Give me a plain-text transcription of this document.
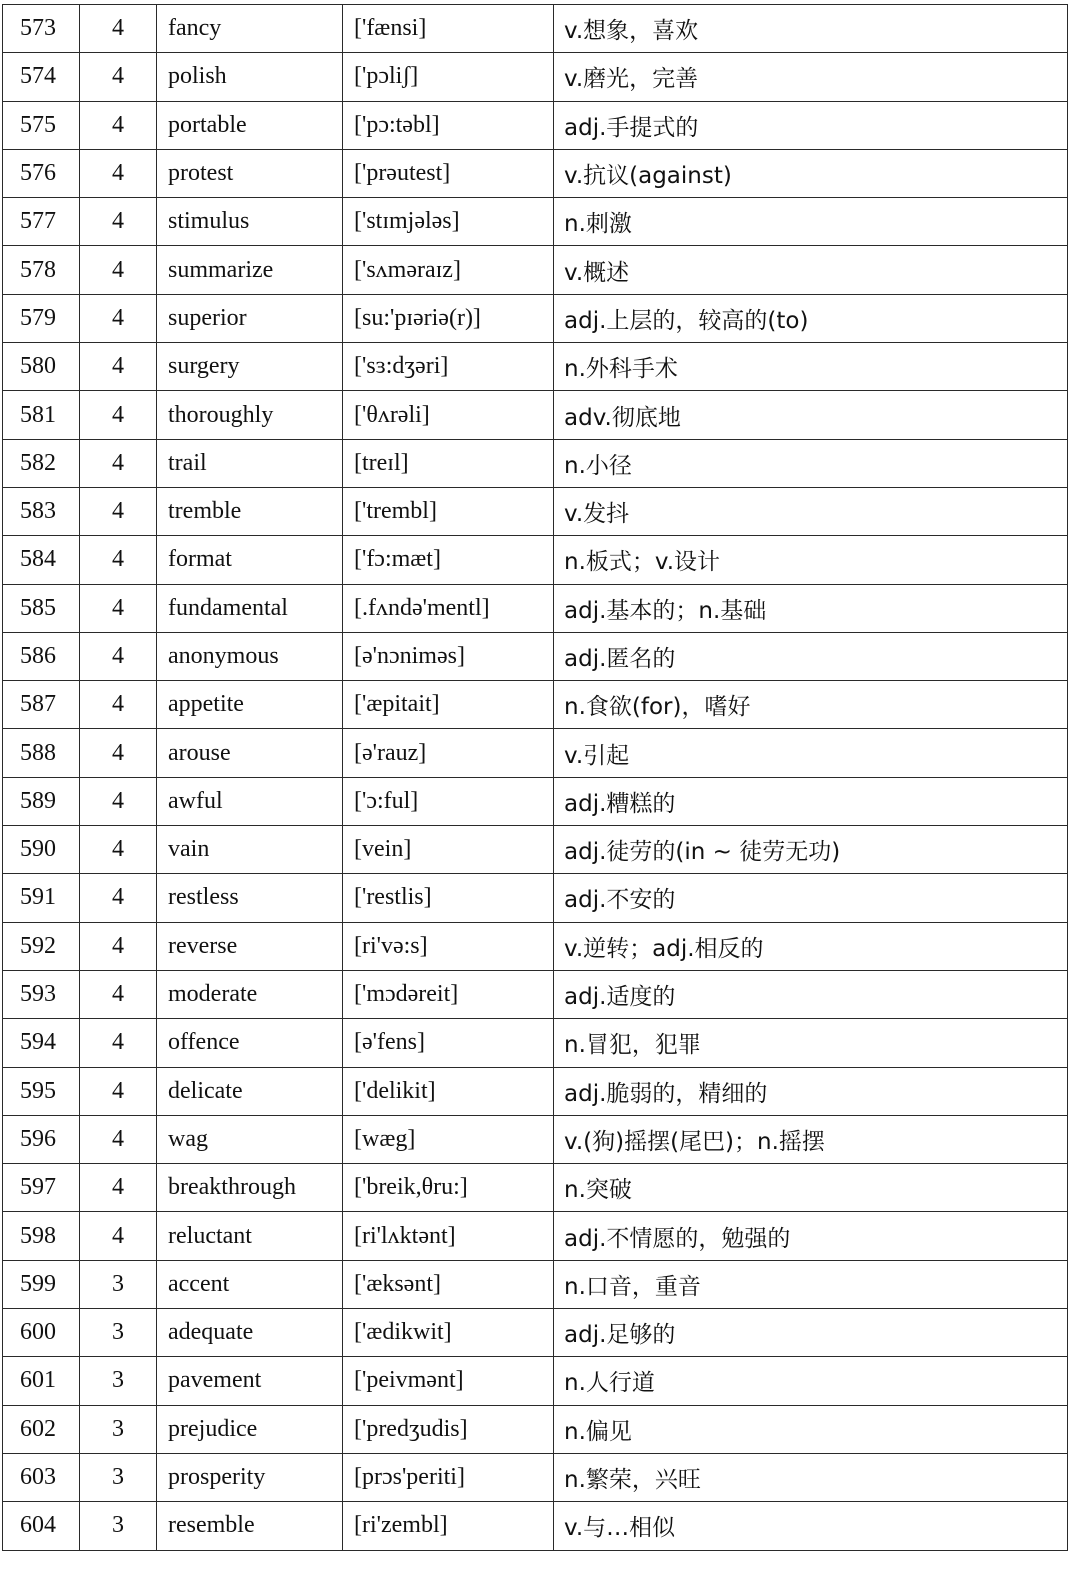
573	4	fancy	['fænsi]	v.想象，喜欢
574	4	polish	['pɔliʃ]	v.磨光，完善
575	4	portable	['pɔ:təbl]	adj.手提式的
576	4	protest	['prəutest]	v.抗议(against)
577	4	stimulus	['stɪmjələs]	n.刺激
578	4	summarize	['sʌməraɪz]	v.概述
579	4	superior	[su:'pɪəriə(r)]	adj.上层的，较高的(to)
580	4	surgery	['sɜ:dʒəri]	n.外科手术
581	4	thoroughly	['θʌrəli]	adv.彻底地
582	4	trail	[treɪl]	n.小径
583	4	tremble	['trembl]	v.发抖
584	4	format	['fɔ:mæt]	n.板式；v.设计
585	4	fundamental	[.fʌndə'mentl]	adj.基本的；n.基础
586	4	anonymous	[ə'nɔniməs]	adj.匿名的
587	4	appetite	['æpitait]	n.食欲(for)，嗜好
588	4	arouse	[ə'rauz]	v.引起
589	4	awful	['ɔ:ful]	adj.糟糕的
590	4	vain	[vein]	adj.徒劳的(in ~ 徒劳无功)
591	4	restless	['restlis]	adj.不安的
592	4	reverse	[ri'və:s]	v.逆转；adj.相反的
593	4	moderate	['mɔdəreit]	adj.适度的
594	4	offence	[ə'fens]	n.冒犯，犯罪
595	4	delicate	['delikit]	adj.脆弱的，精细的
596	4	wag	[wæg]	v.(狗)摇摆(尾巴)；n.摇摆
597	4	breakthrough	['breik,θru:]	n.突破
598	4	reluctant	[ri'lʌktənt]	adj.不情愿的，勉强的
599	3	accent	['æksənt]	n.口音，重音
600	3	adequate	['ædikwit]	adj.足够的
601	3	pavement	['peivmənt]	n.人行道
602	3	prejudice	['predʒudis]	n.偏见
603	3	prosperity	[prɔs'periti]	n.繁荣，兴旺
604	3	resemble	[ri'zembl]	v.与…相似
